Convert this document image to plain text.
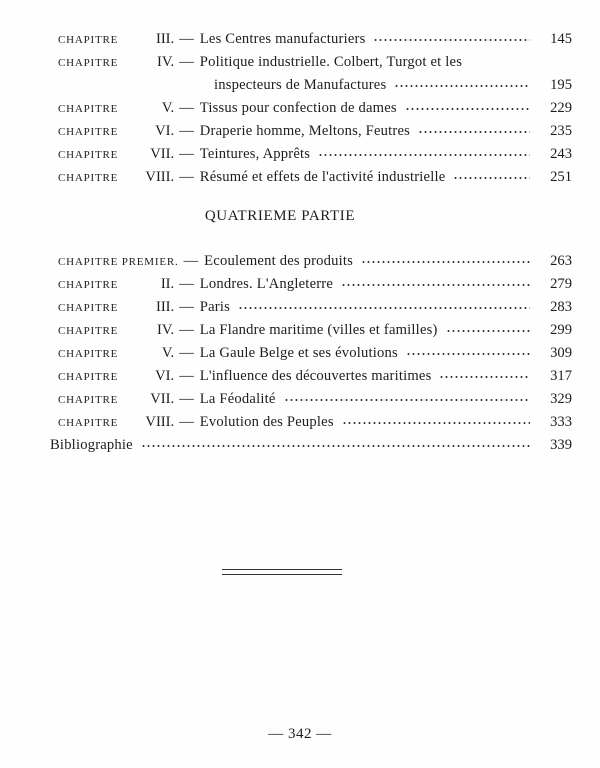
CHAPITRE	III. — Les Centres manufacturiers	145
CHAPITRE	IV. — Politique industrielle. Colbert, Turgot et les
inspecteurs de Manufactures	195
CHAPITRE	V. — Tissus pour confection de dames	229
CHAPITRE	VI. — Draperie homme, Meltons, Feutres	235
CHAPITRE	VII. — Teintures, Apprêts	243
CHAPITRE	VIII. — Résumé et effets de l'activité industrielle	251
QUATRIEME PARTIE
CHAPITRE PREMIER. — Ecoulement des produits	263
CHAPITRE	II. — Londres. L'Angleterre	279
CHAPITRE	III. — Paris	283
CHAPITRE	IV. — La Flandre maritime (villes et familles)	299
CHAPITRE	V. — La Gaule Belge et ses évolutions	309
CHAPITRE	VI. — L'influence des découvertes maritimes	317
CHAPITRE	VII. — La Féodalité	329
CHAPITRE	VIII. — Evolution des Peuples	333
Bibliographie	339
— 342 —
